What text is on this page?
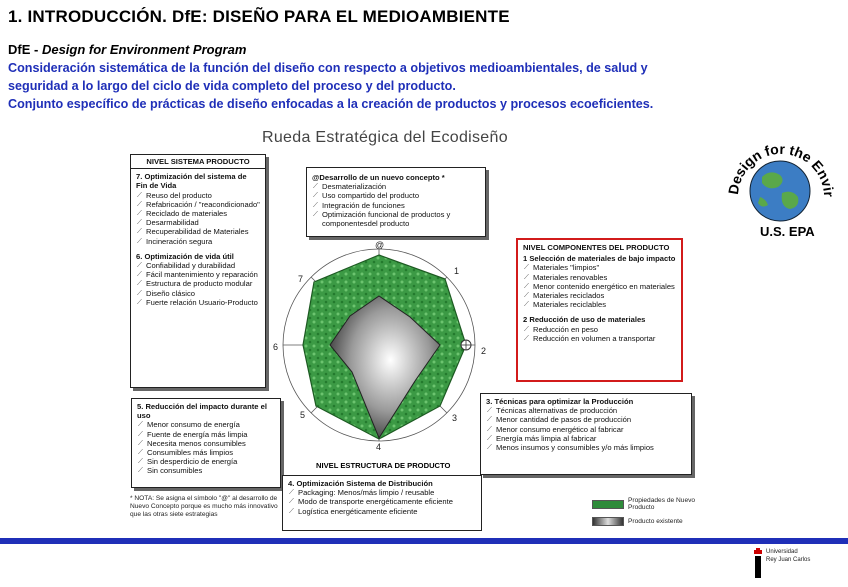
1. INTRODUCCIÓN. DfE: DISEÑO PARA EL MEDIOAMBIENTE
DfE - Design for Environment Program
Consideración sistemática de la función del diseño con respecto a objetivos medioambientales, de salud y
seguridad a lo largo del ciclo de vida completo del proceso y del producto.
Conjunto específico de prácticas de diseño enfocadas a la creación de productos y procesos ecoeficientes.
Rueda Estratégica del Ecodiseño
@
1
2
3
4
5
6
7
NIVEL ESTRUCTURA DE PRODUCTO
NIVEL SISTEMA PRODUCTO
7. Optimización del sistema de Fin de Vida
⟋ Reuso del producto
⟋ Refabricación / "reacondicionado"
⟋ Reciclado de materiales
⟋ Desarmabilidad
⟋ Recuperabilidad de Materiales
⟋ Incineración segura
6. Optimización de vida útil
⟋ Confiabilidad y durabilidad
⟋ Fácil mantenimiento y reparación
⟋ Estructura de producto modular
⟋ Diseño clásico
⟋ Fuerte relación Usuario-Producto
@Desarrollo de un nuevo concepto *
⟋ Desmaterialización
⟋ Uso compartido del producto
⟋ Integración de funciones
⟋ Optimización funcional de productos y componentesdel producto
NIVEL COMPONENTES DEL PRODUCTO
1 Selección de materiales de bajo impacto
⟋ Materiales "limpios"
⟋ Materiales renovables
⟋ Menor contenido energético en materiales
⟋ Materiales reciclados
⟋ Materiales reciclables
2 Reducción de uso de materiales
⟋ Reducción en peso
⟋ Reducción en volumen a transportar
3. Técnicas para optimizar la Producción
⟋ Técnicas alternativas de producción
⟋ Menor cantidad de pasos de producción
⟋ Menor consumo energético al fabricar
⟋ Energía más limpia al fabricar
⟋ Menos insumos y consumibles y/o más limpios
5. Reducción del impacto durante el uso
⟋ Menor consumo de energía
⟋ Fuente de energía más limpia
⟋ Necesita menos consumibles
⟋ Consumibles más limpios
⟋ Sin desperdicio de energía
⟋ Sin consumibles
4. Optimización Sistema de Distribución
⟋ Packaging: Menos/más limpio / reusable
⟋ Modo de transporte energéticamente eficiente
⟋ Logística energéticamente eficiente
* NOTA: Se asigna el símbolo "@" al desarrollo de Nuevo Concepto porque es mucho más innovativo que las otras siete estrategias
Propiedades de Nuevo Producto
Producto existente
Design for the Envir
U.S. EPA
Universidad
Rey Juan Carlos
